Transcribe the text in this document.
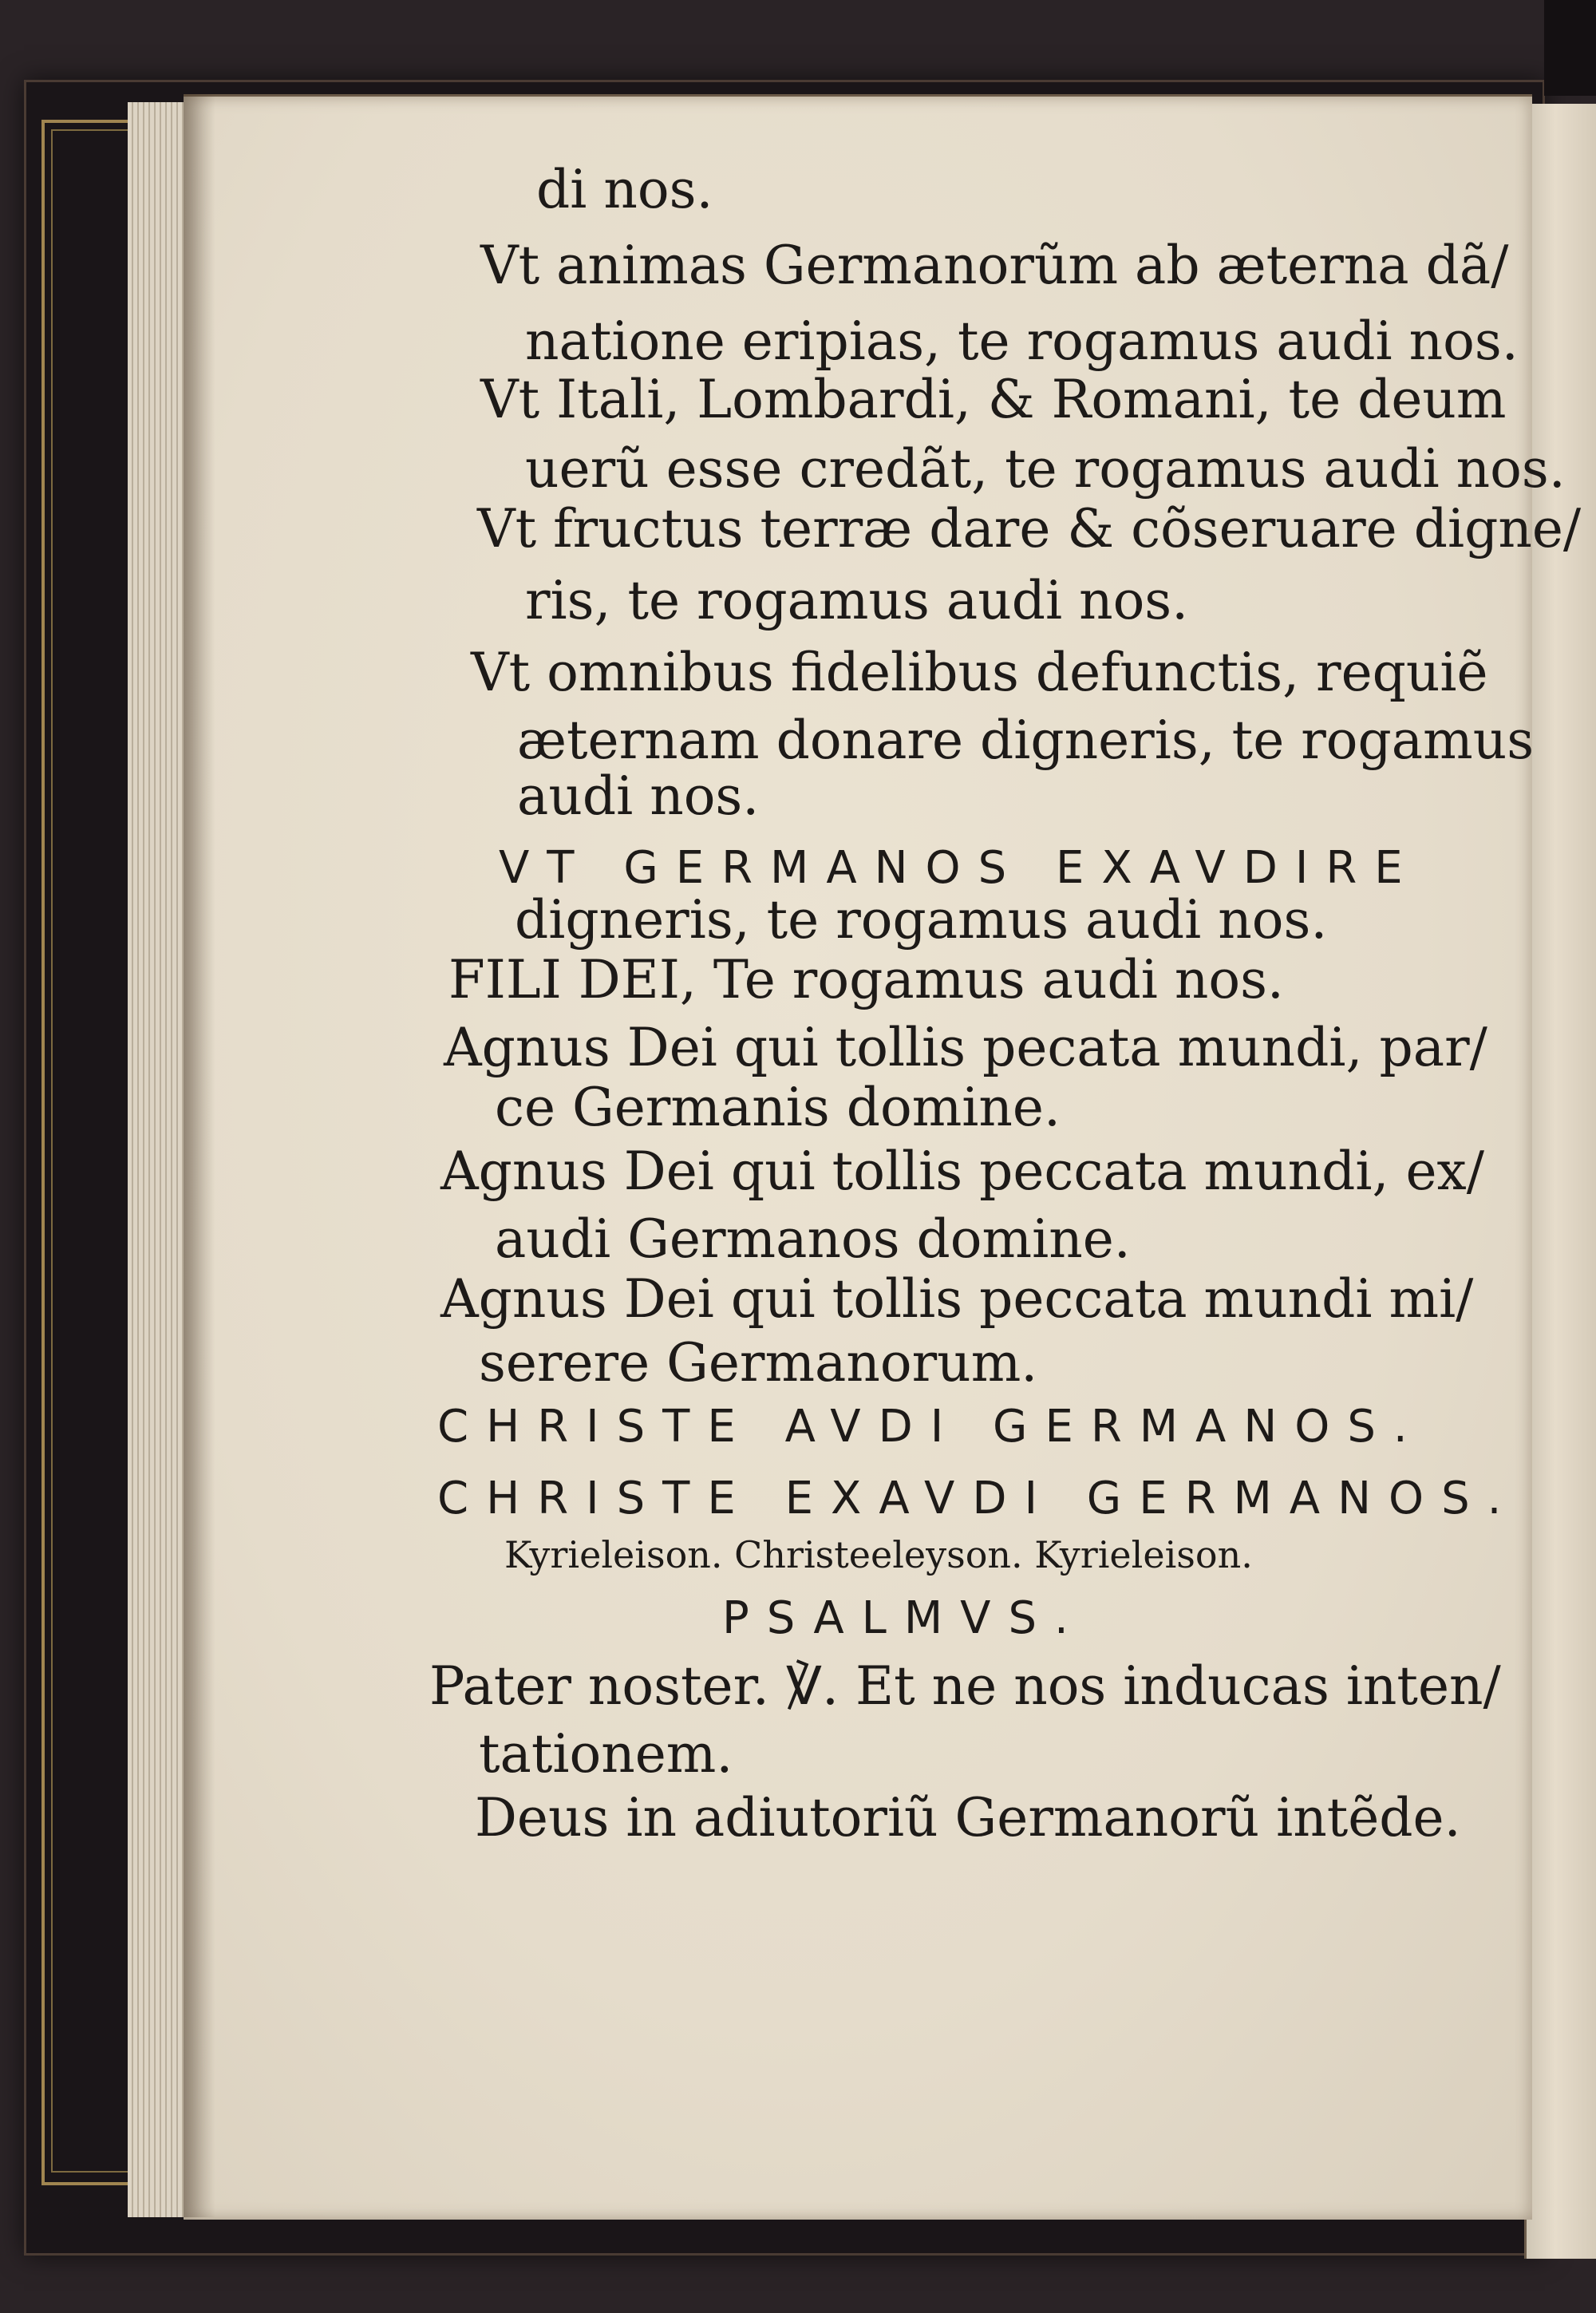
di nos.

Vt animas Germanorũm ab æterna dã/

natione eripias, te rogamus audi nos.

Vt Itali, Lombardi, & Romani, te deum

uerũ esse credãt, te rogamus audi nos.

Vt fructus terræ dare & cõseruare digne/

ris, te rogamus audi nos.

Vt omnibus fidelibus defunctis, requiẽ

æternam donare digneris, te rogamus

audi nos.

VT GERMANOS EXAVDIRE

digneris, te rogamus audi nos.

FILI DEI, Te rogamus audi nos.

Agnus Dei qui tollis pecata mundi, par/

ce Germanis domine.

Agnus Dei qui tollis peccata mundi, ex/

audi Germanos domine.

Agnus Dei qui tollis peccata mundi mi/

serere Germanorum.

CHRISTE AVDI GERMANOS.

CHRISTE EXAVDI GERMANOS.

Kyrieleison. Christeeleyson. Kyrieleison.

PSALMVS.

Pater noster. ℣. Et ne nos inducas inten/

tationem.

Deus in adiutoriũ Germanorũ intẽde.
